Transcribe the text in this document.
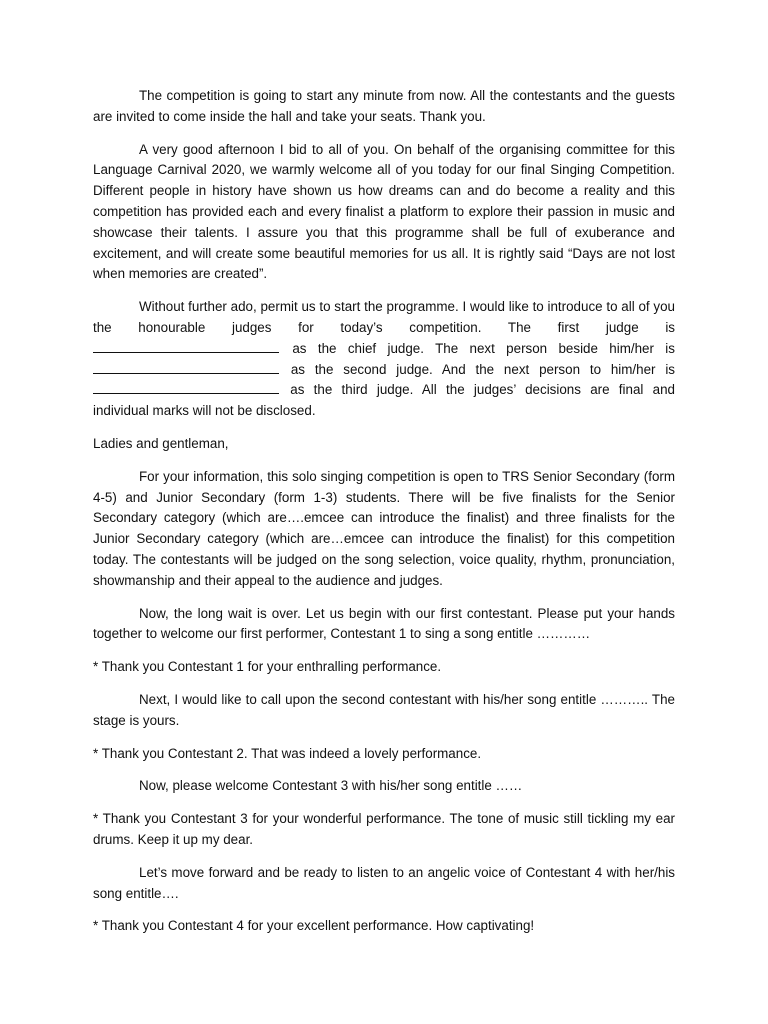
The competition is going to start any minute from now. All the contestants and the guests are invited to come inside the hall and take your seats. Thank you.

A very good afternoon I bid to all of you. On behalf of the organising committee for this Language Carnival 2020, we warmly welcome all of you today for our final Singing Competition. Different people in history have shown us how dreams can and do become a reality and this competition has provided each and every finalist a platform to explore their passion in music and showcase their talents. I assure you that this programme shall be full of exuberance and excitement, and will create some beautiful memories for us all. It is rightly said “Days are not lost when memories are created”.

Without further ado, permit us to start the programme. I would like to introduce to all of you the honourable judges for today’s competition. The first judge is
as the chief judge. The next person beside him/her is
as the second judge. And the next person to him/her is
as the third judge. All the judges’ decisions are final and
individual marks will not be disclosed.

Ladies and gentleman,

For your information, this solo singing competition is open to TRS Senior Secondary (form 4-5) and Junior Secondary (form 1-3) students. There will be five finalists for the Senior Secondary category (which are….emcee can introduce the finalist) and three finalists for the Junior Secondary category (which are…emcee can introduce the finalist) for this competition today. The contestants will be judged on the song selection, voice quality, rhythm, pronunciation, showmanship and their appeal to the audience and judges.

Now, the long wait is over. Let us begin with our first contestant. Please put your hands together to welcome our first performer, Contestant 1 to sing a song entitle …………

* Thank you Contestant 1 for your enthralling performance.

Next, I would like to call upon the second contestant with his/her song entitle ……….. The stage is yours.

* Thank you Contestant 2. That was indeed a lovely performance.

Now, please welcome Contestant 3 with his/her song entitle ……

* Thank you Contestant 3 for your wonderful performance. The tone of music still tickling my ear drums. Keep it up my dear.

Let’s move forward and be ready to listen to an angelic voice of Contestant 4 with her/his song entitle….

* Thank you Contestant 4 for your excellent performance. How captivating!
